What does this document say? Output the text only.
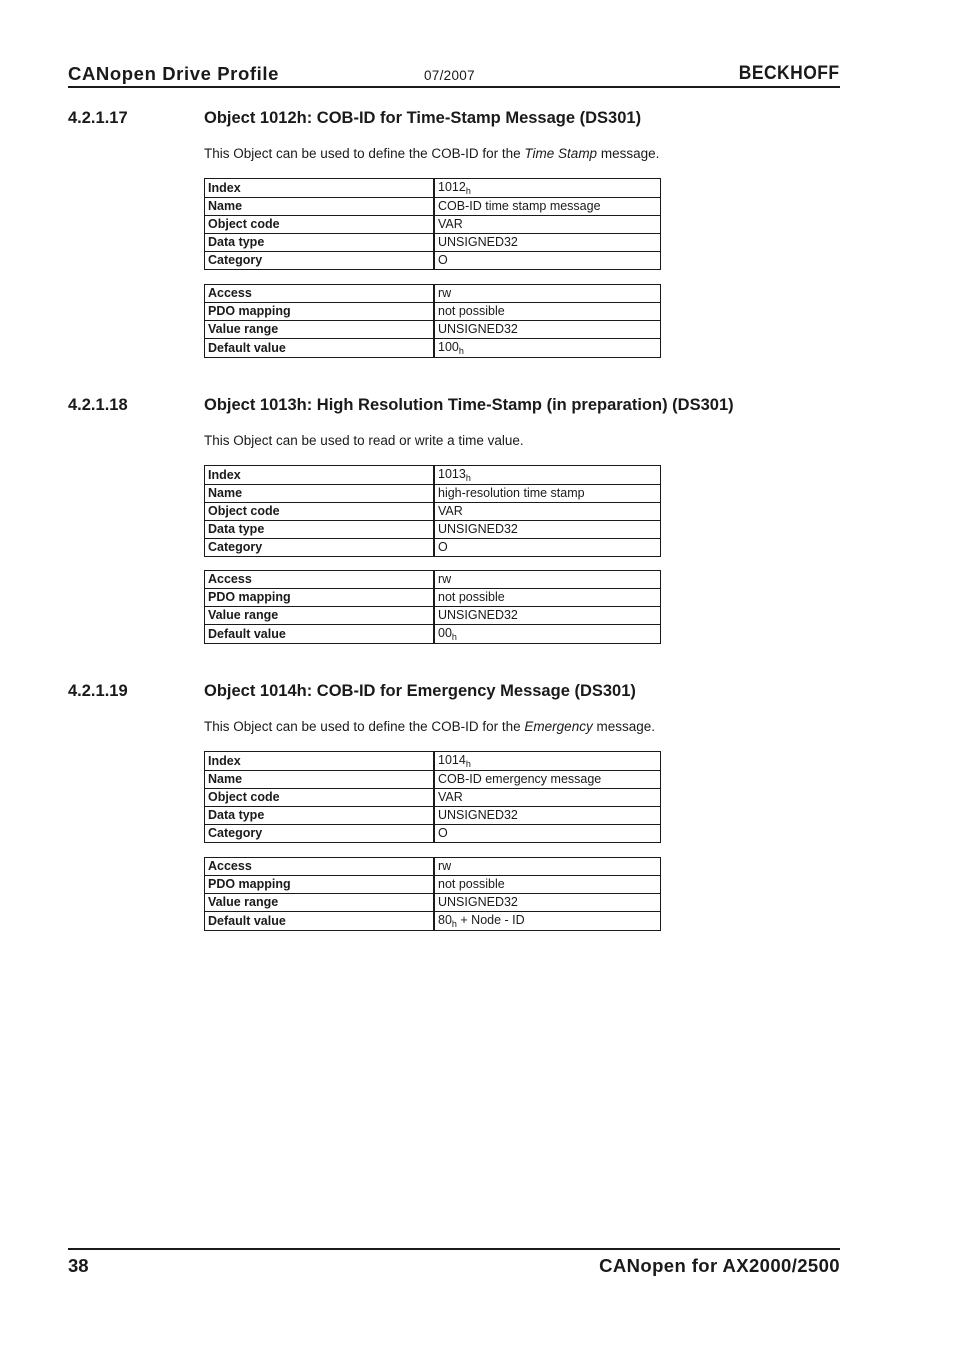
CANopen Drive Profile	07/2007	BECKHOFF
4.2.1.17	Object 1012h: COB-ID for Time-Stamp Message (DS301)
This Object can be used to define the COB-ID for the Time Stamp message.
Index	$1012_h$
Name	COB-ID time stamp message
Object code	VAR
Data type	UNSIGNED32
Category	O
Access	rw
PDO mapping	not possible
Value range	UNSIGNED32
Default value	$100_h$
4.2.1.18	Object 1013h: High Resolution Time-Stamp (in preparation) (DS301)
This Object can be used to read or write a time value.
Index	$1013_h$
Name	high-resolution time stamp
Object code	VAR
Data type	UNSIGNED32
Category	O
Access	rw
PDO mapping	not possible
Value range	UNSIGNED32
Default value	$00_h$
4.2.1.19	Object 1014h: COB-ID for Emergency Message (DS301)
This Object can be used to define the COB-ID for the Emergency message.
Index	$1014_h$
Name	COB-ID emergency message
Object code	VAR
Data type	UNSIGNED32
Category	O
Access	rw
PDO mapping	not possible
Value range	UNSIGNED32
Default value	$80_h$ + Node - ID
38	CANopen for AX2000/2500
